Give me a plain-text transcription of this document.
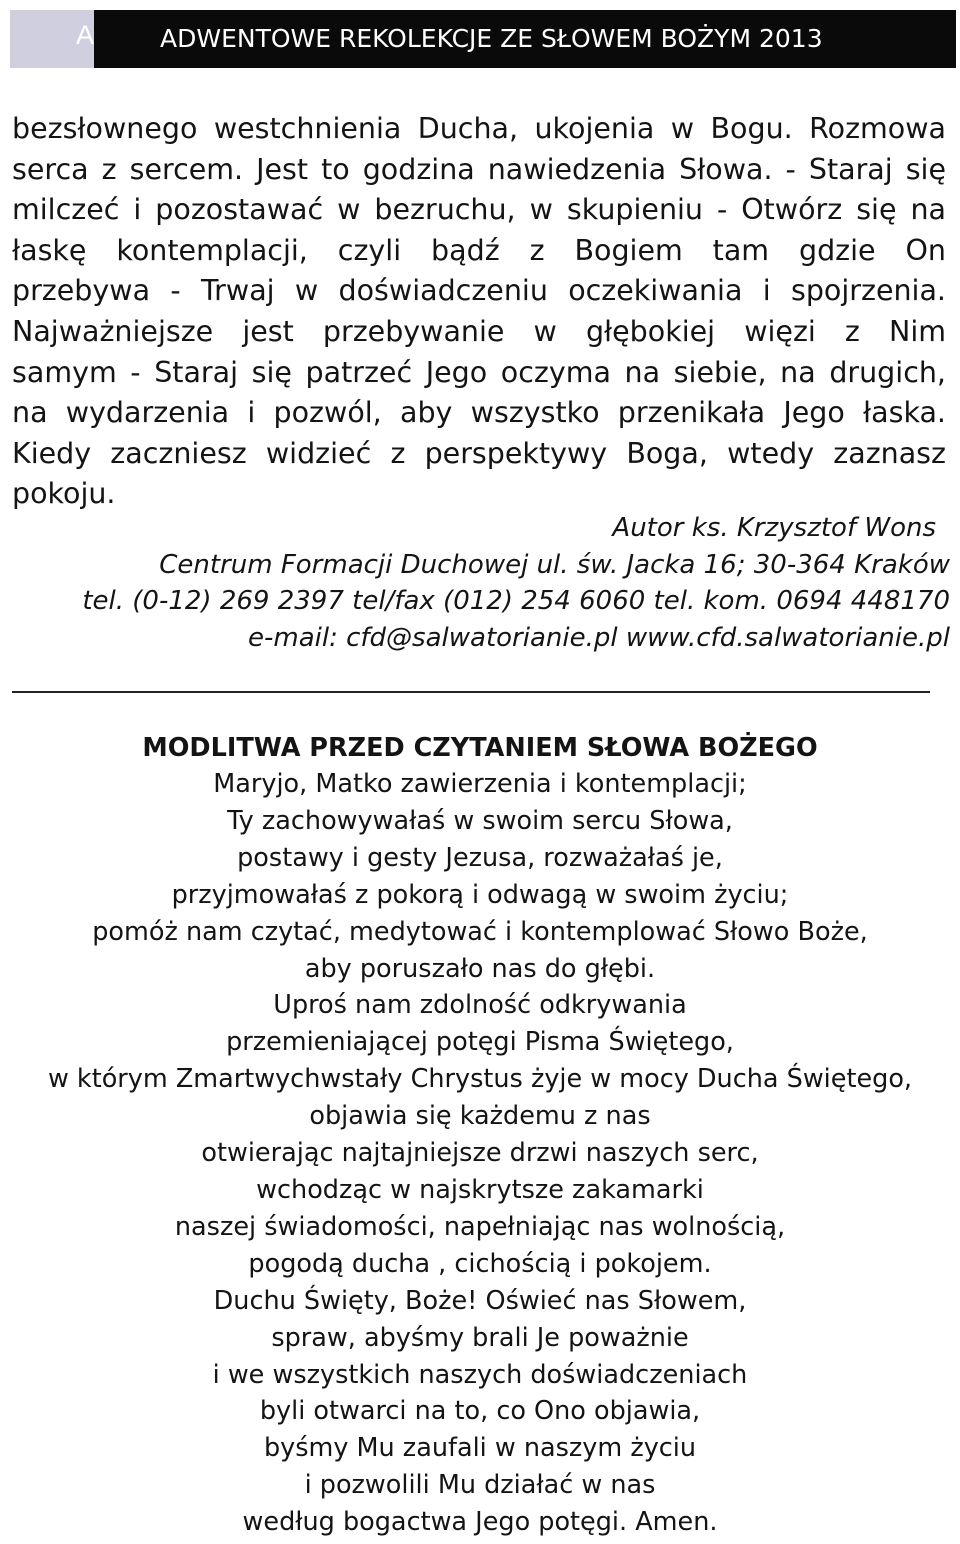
A	ADWENTOWE REKOLEKCJE ZE SŁOWEM BOŻYM 2013
bezsłownego westchnienia Ducha, ukojenia w Bogu. Rozmowa
serca z sercem. Jest to godzina nawiedzenia Słowa. - Staraj się
milczeć i pozostawać w bezruchu, w skupieniu - Otwórz się na
łaskę kontemplacji, czyli bądź z Bogiem tam gdzie On
przebywa - Trwaj w doświadczeniu oczekiwania i spojrzenia.
Najważniejsze jest przebywanie w głębokiej więzi z Nim
samym - Staraj się patrzeć Jego oczyma na siebie, na drugich,
na wydarzenia i pozwól, aby wszystko przenikała Jego łaska.
Kiedy zaczniesz widzieć z perspektywy Boga, wtedy zaznasz
pokoju.
Autor ks. Krzysztof Wons
Centrum Formacji Duchowej ul. św. Jacka 16; 30-364 Kraków
tel. (0-12) 269 2397 tel/fax (012) 254 6060 tel. kom. 0694 448170
e-mail: cfd@salwatorianie.pl www.cfd.salwatorianie.pl
MODLITWA PRZED CZYTANIEM SŁOWA BOŻEGO
Maryjo, Matko zawierzenia i kontemplacji;
Ty zachowywałaś w swoim sercu Słowa,
postawy i gesty Jezusa, rozważałaś je,
przyjmowałaś z pokorą i odwagą w swoim życiu;
pomóż nam czytać, medytować i kontemplować Słowo Boże,
aby poruszało nas do głębi.
Uproś nam zdolność odkrywania
przemieniającej potęgi Pisma Świętego,
w którym Zmartwychwstały Chrystus żyje w mocy Ducha Świętego,
objawia się każdemu z nas
otwierając najtajniejsze drzwi naszych serc,
wchodząc w najskrytsze zakamarki
naszej świadomości, napełniając nas wolnością,
pogodą ducha , cichością i pokojem.
Duchu Święty, Boże! Oświeć nas Słowem,
spraw, abyśmy brali Je poważnie
i we wszystkich naszych doświadczeniach
byli otwarci na to, co Ono objawia,
byśmy Mu zaufali w naszym życiu
i pozwolili Mu działać w nas
według bogactwa Jego potęgi. Amen.
